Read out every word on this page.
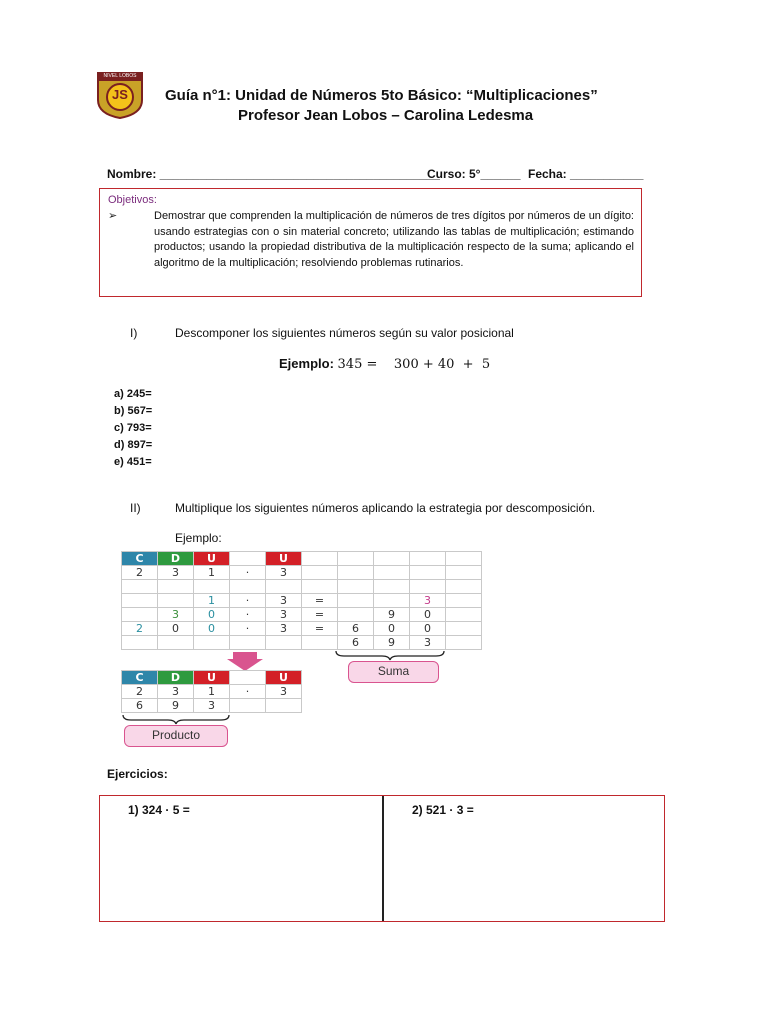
JS
NIVEL LOBOS
Guía n°1: Unidad de Números 5to Básico: “Multiplicaciones”
Profesor Jean Lobos – Carolina Ledesma
Nombre: __________________________________________
Curso: 5°______ Fecha: ___________
Objetivos:
➢	Demostrar que comprenden la multiplicación de números de tres dígitos por números de un dígito: usando estrategias con o sin material concreto; utilizando las tablas de multiplicación; estimando productos; usando la propiedad distributiva de la multiplicación respecto de la suma; aplicando el algoritmo de la multiplicación; resolviendo problemas rutinarios.
I)	Descomponer los siguientes números según su valor posicional
Ejemplo: 345 =    300 + 40  +  5
a) 245=
b) 567=
c) 793=
d) 897=
e) 451=
II)	Multiplique los siguientes números aplicando la estrategia por descomposición.
Ejemplo:
C	D	U		U					
2	3	1	·	3					

		1	·	3	=			3	
	3	0	·	3	=		9	0	
2	0	0	·	3	=	6	0	0	
						6	9	3	
Suma
C	D	U		U
2	3	1	·	3
6	9	3		
Producto
Ejercicios:
1) 324 · 5 =	2) 521 · 3 =
